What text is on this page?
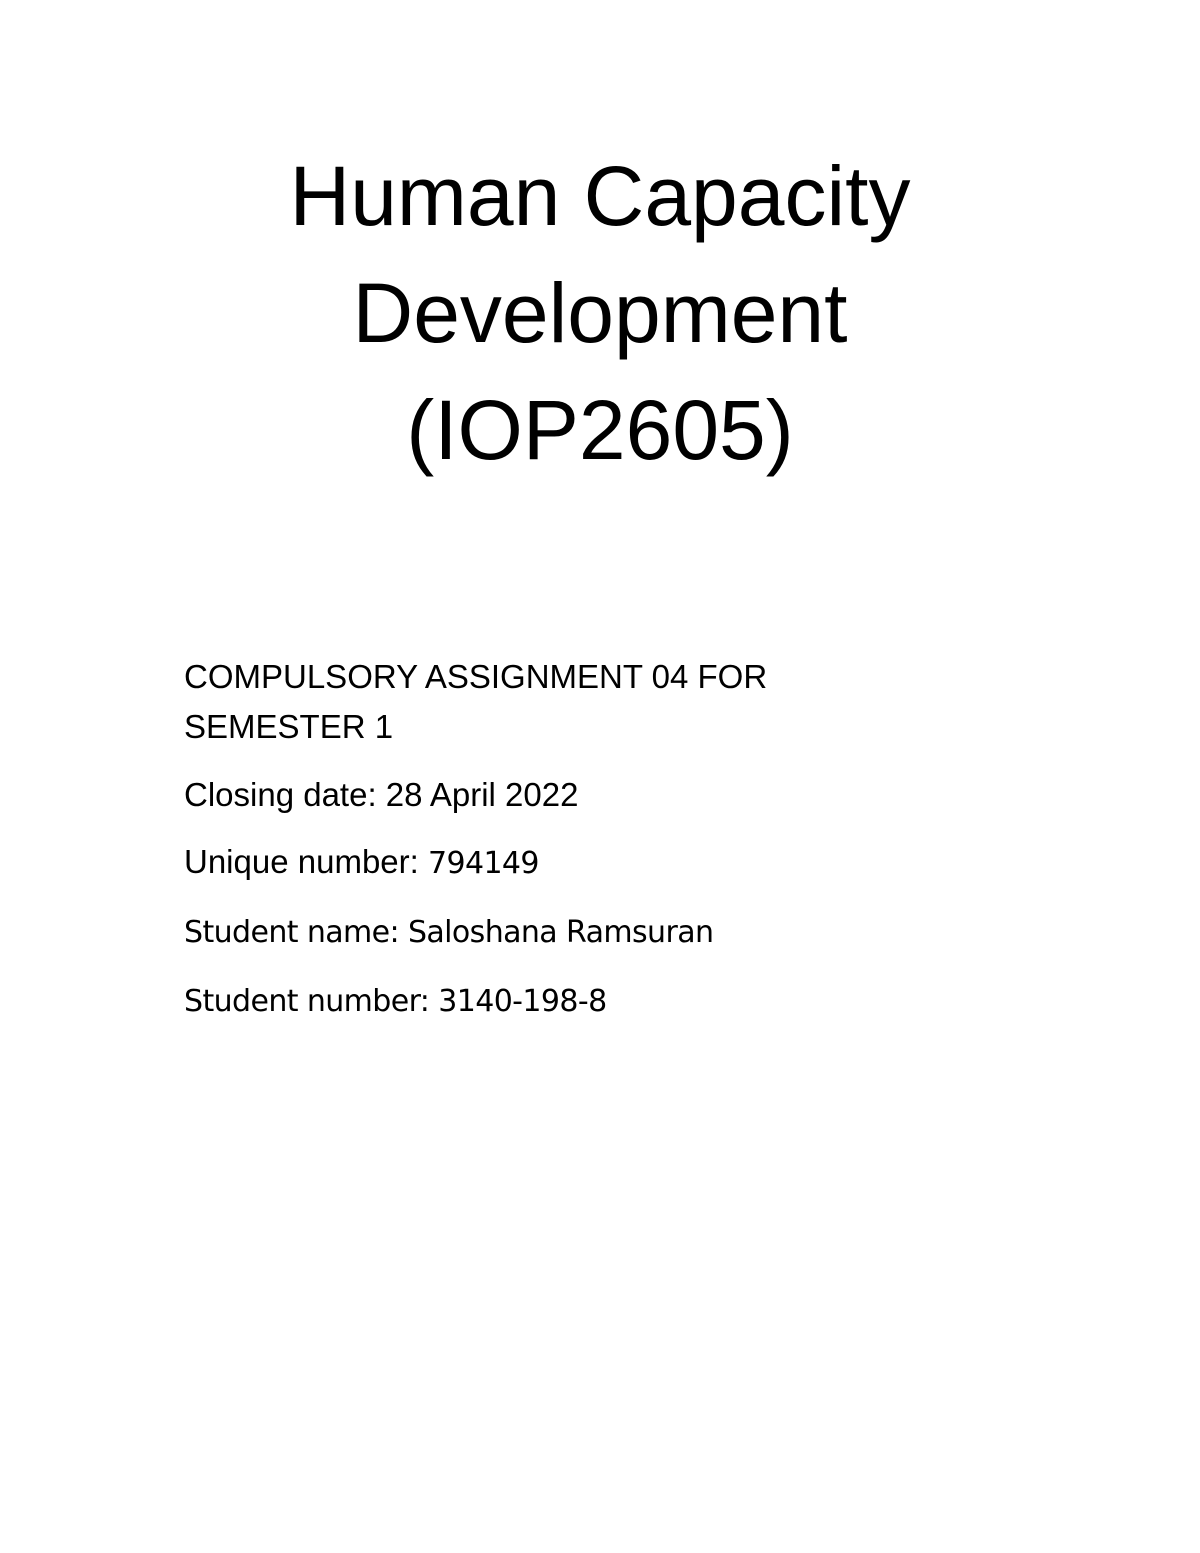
Human Capacity
Development
(IOP2605)
COMPULSORY ASSIGNMENT 04 FOR
SEMESTER 1
Closing date: 28 April 2022
Unique number: 794149
Student name: Saloshana Ramsuran
Student number: 3140-198-8
